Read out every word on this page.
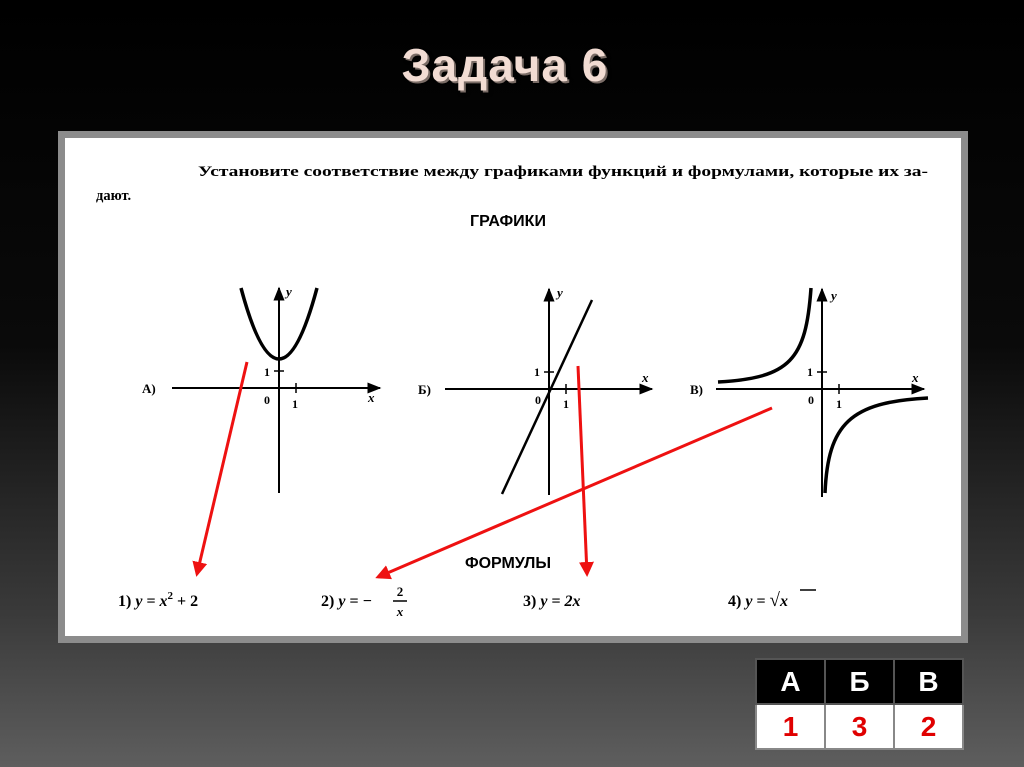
Задача 6
Установите соответствие между графиками функций и формулами, которые их за-
дают.
ГРАФИКИ
А)
y
x
0 1
1
Б)
y
x
0 1
1
В)
y
x
0 1
1
ФОРМУЛЫ
1) $y = x^2 + 2$	2) y = −
2
x
3) y = 2x	4) y = √x
А	Б	В
1	3	2
